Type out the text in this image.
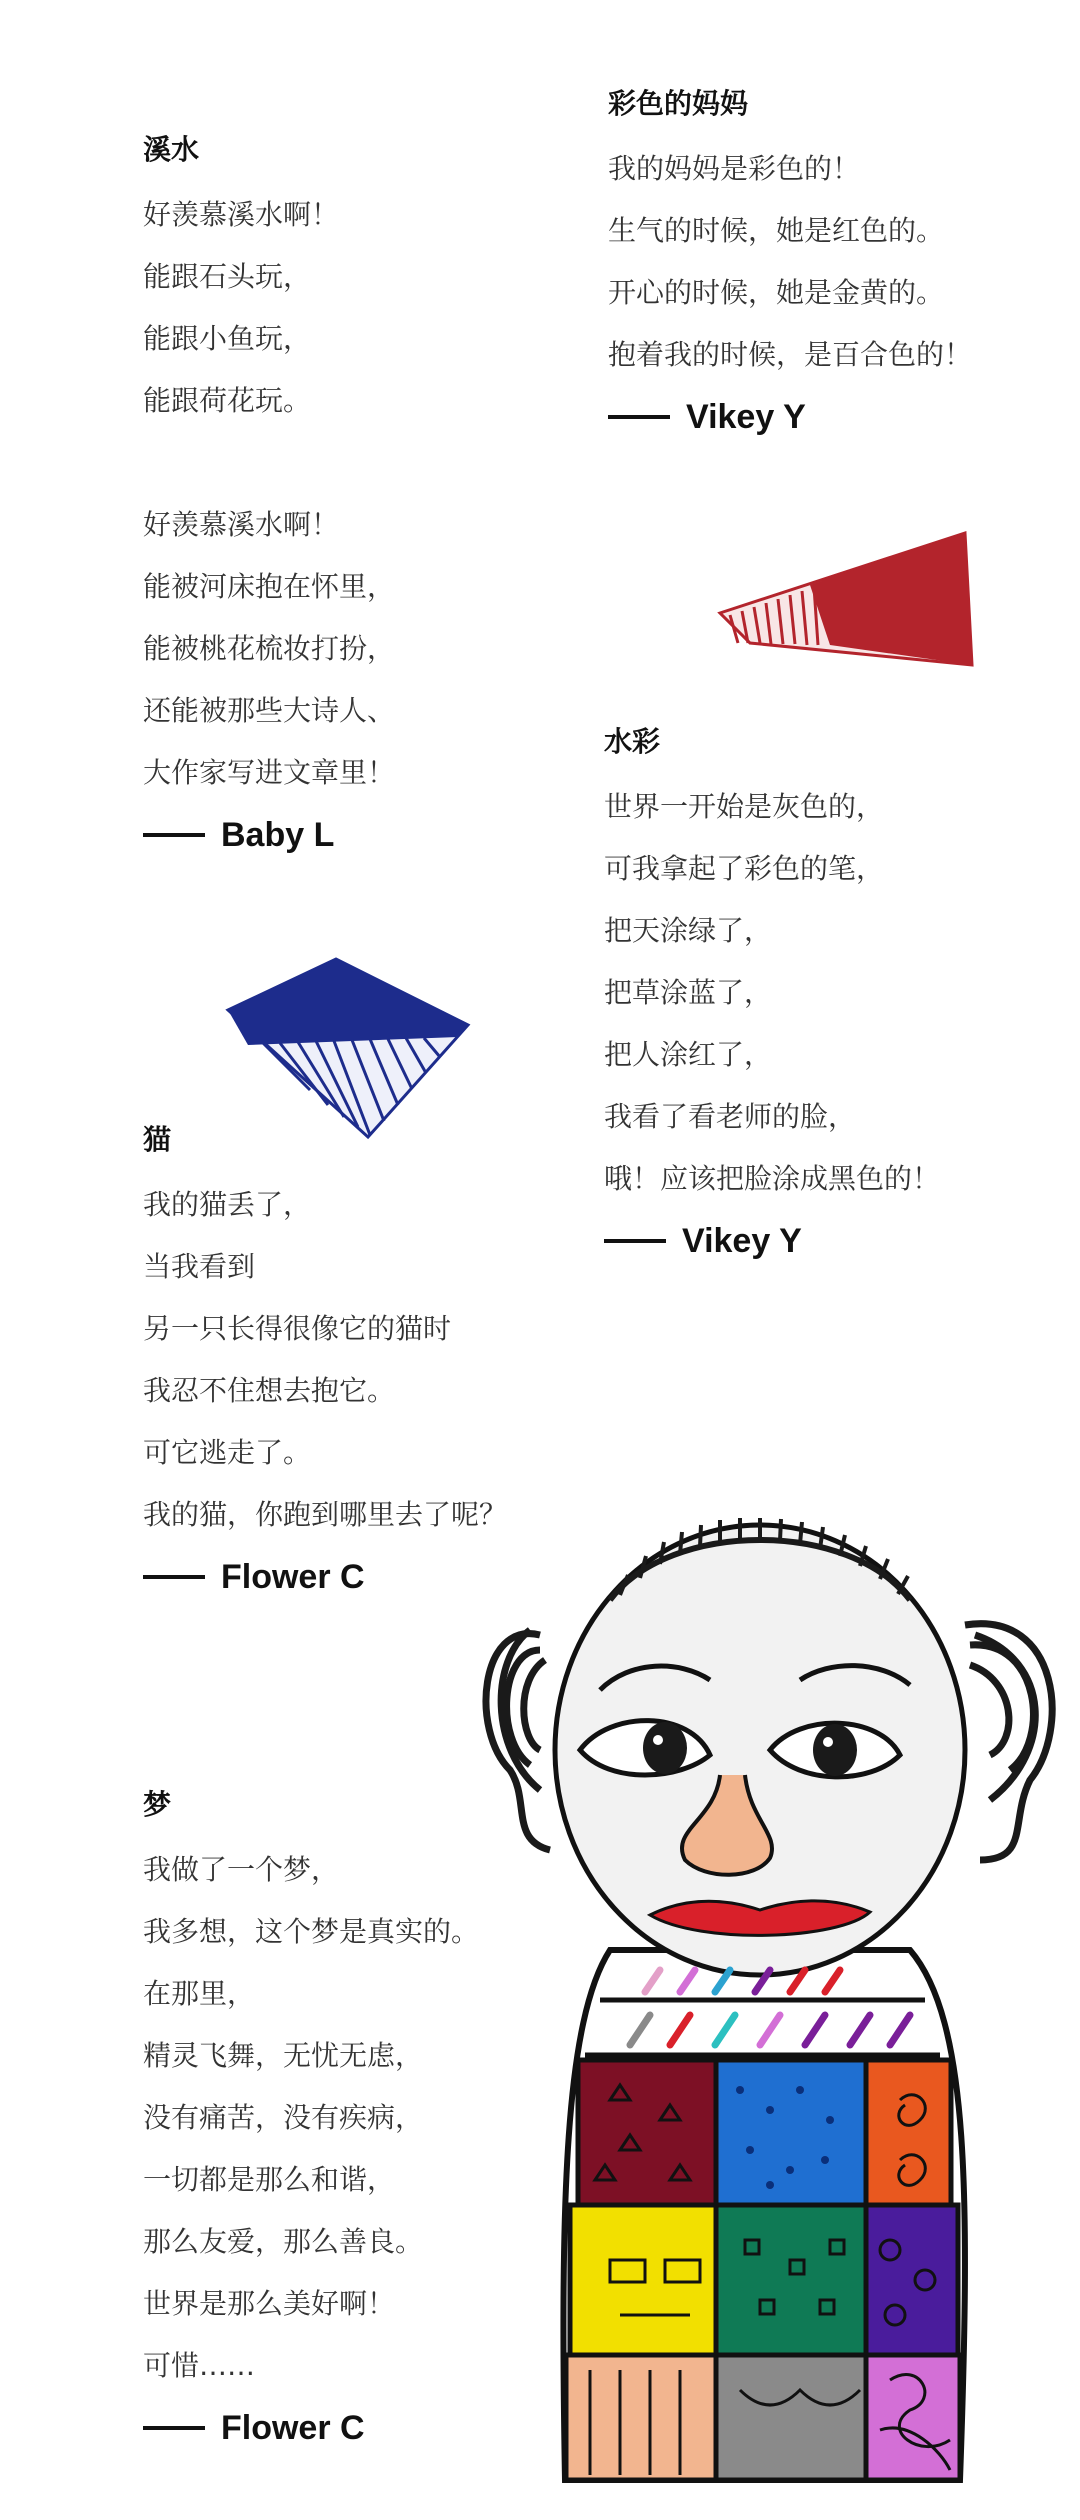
溪水
好羡慕溪水啊！
能跟石头玩，
能跟小鱼玩，
能跟荷花玩。
好羡慕溪水啊！
能被河床抱在怀里，
能被桃花梳妆打扮，
还能被那些大诗人、
大作家写进文章里！
Baby L
彩色的妈妈
我的妈妈是彩色的！
生气的时候，她是红色的。
开心的时候，她是金黄的。
抱着我的时候，是百合色的！
Vikey Y
水彩
世界一开始是灰色的，
可我拿起了彩色的笔，
把天涂绿了，
把草涂蓝了，
把人涂红了，
我看了看老师的脸，
哦！应该把脸涂成黑色的！
Vikey Y
猫
我的猫丢了，
当我看到
另一只长得很像它的猫时
我忍不住想去抱它。
可它逃走了。
我的猫，你跑到哪里去了呢？
Flower C
梦
我做了一个梦，
我多想，这个梦是真实的。
在那里，
精灵飞舞，无忧无虑，
没有痛苦，没有疾病，
一切都是那么和谐，
那么友爱，那么善良。
世界是那么美好啊！
可惜……
Flower C
